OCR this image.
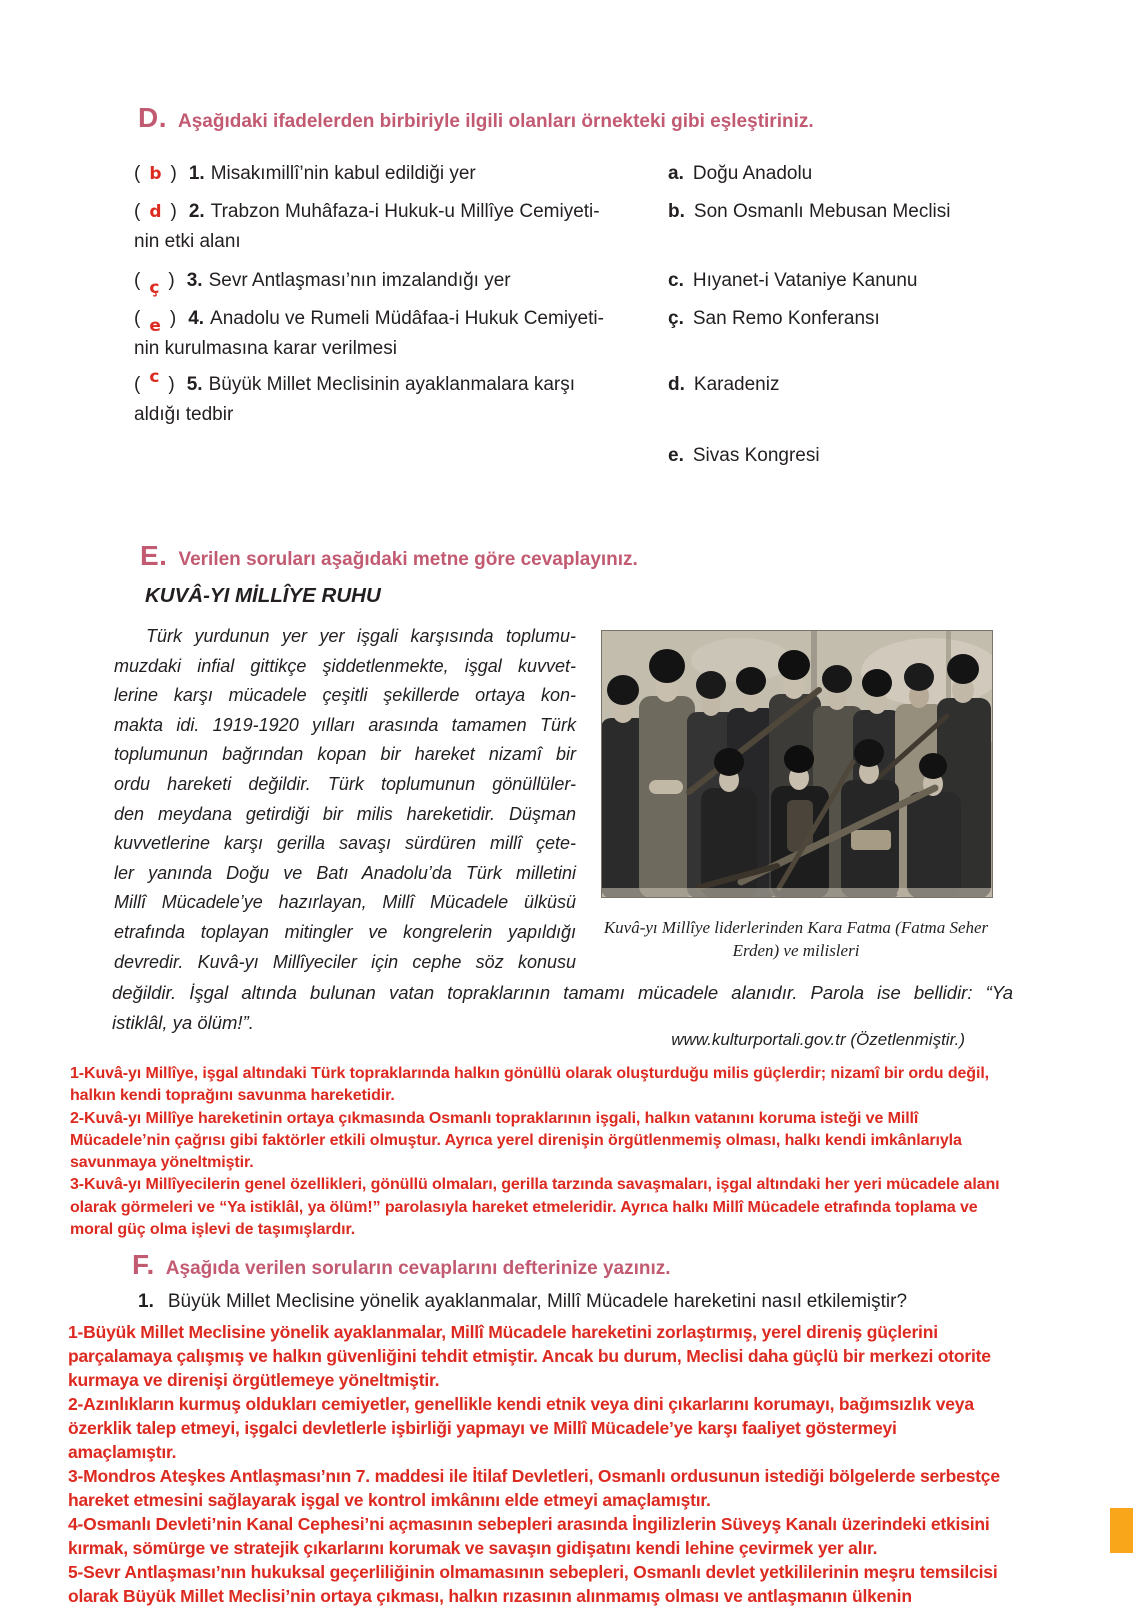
D. Aşağıdaki ifadelerden birbiriyle ilgili olanları örnekteki gibi eşleştiriniz.
( b ) 1. Misakımillî’nin kabul edildiği yer
( d ) 2. Trabzon Muhâfaza-i Hukuk-u Millîye Cemiyeti-
nin etki alanı
( ç ) 3. Sevr Antlaşması’nın imzalandığı yer
( e ) 4. Anadolu ve Rumeli Müdâfaa-i Hukuk Cemiyeti-
nin kurulmasına karar verilmesi
( c ) 5. Büyük Millet Meclisinin ayaklanmalara karşı
aldığı tedbir
a. Doğu Anadolu
b. Son Osmanlı Mebusan Meclisi
c. Hıyanet-i Vataniye Kanunu
ç. San Remo Konferansı
d. Karadeniz
e. Sivas Kongresi
E. Verilen soruları aşağıdaki metne göre cevaplayınız.
KUVÂ-YI MİLLÎYE RUHU
Türk yurdunun yer yer işgali karşısında toplumu-
muzdaki infial gittikçe şiddetlenmekte, işgal kuvvet-
lerine karşı mücadele çeşitli şekillerde ortaya kon-
makta idi. 1919-1920 yılları arasında tamamen Türk
toplumunun bağrından kopan bir hareket nizamî bir
ordu hareketi değildir. Türk toplumunun gönüllüler-
den meydana getirdiği bir milis hareketidir. Düşman
kuvvetlerine karşı gerilla savaşı sürdüren millî çete-
ler yanında Doğu ve Batı Anadolu’da Türk milletini
Millî Mücadele’ye hazırlayan, Millî Mücadele ülküsü
etrafında toplayan mitingler ve kongrelerin yapıldığı
devredir. Kuvâ-yı Millîyeciler için cephe söz konusu
Kuvâ-yı Millîye liderlerinden Kara Fatma (Fatma Seher
Erden) ve milisleri
değildir. İşgal altında bulunan vatan topraklarının tamamı mücadele alanıdır. Parola ise bellidir: “Ya
istiklâl, ya ölüm!”.
www.kulturportali.gov.tr (Özetlenmiştir.)
1-Kuvâ-yı Millîye, işgal altındaki Türk topraklarında halkın gönüllü olarak oluşturduğu milis güçlerdir; nizamî bir ordu değil,
halkın kendi toprağını savunma hareketidir.
2-Kuvâ-yı Millîye hareketinin ortaya çıkmasında Osmanlı topraklarının işgali, halkın vatanını koruma isteği ve Millî
Mücadele’nin çağrısı gibi faktörler etkili olmuştur. Ayrıca yerel direnişin örgütlenmemiş olması, halkı kendi imkânlarıyla
savunmaya yöneltmiştir.
3-Kuvâ-yı Millîyecilerin genel özellikleri, gönüllü olmaları, gerilla tarzında savaşmaları, işgal altındaki her yeri mücadele alanı
olarak görmeleri ve “Ya istiklâl, ya ölüm!” parolasıyla hareket etmeleridir. Ayrıca halkı Millî Mücadele etrafında toplama ve
moral güç olma işlevi de taşımışlardır.
F. Aşağıda verilen soruların cevaplarını defterinize yazınız.
1. Büyük Millet Meclisine yönelik ayaklanmalar, Millî Mücadele hareketini nasıl etkilemiştir?
1-Büyük Millet Meclisine yönelik ayaklanmalar, Millî Mücadele hareketini zorlaştırmış, yerel direniş güçlerini
parçalamaya çalışmış ve halkın güvenliğini tehdit etmiştir. Ancak bu durum, Meclisi daha güçlü bir merkezi otorite
kurmaya ve direnişi örgütlemeye yöneltmiştir.
2-Azınlıkların kurmuş oldukları cemiyetler, genellikle kendi etnik veya dini çıkarlarını korumayı, bağımsızlık veya
özerklik talep etmeyi, işgalci devletlerle işbirliği yapmayı ve Millî Mücadele’ye karşı faaliyet göstermeyi
amaçlamıştır.
3-Mondros Ateşkes Antlaşması’nın 7. maddesi ile İtilaf Devletleri, Osmanlı ordusunun istediği bölgelerde serbestçe
hareket etmesini sağlayarak işgal ve kontrol imkânını elde etmeyi amaçlamıştır.
4-Osmanlı Devleti’nin Kanal Cephesi’ni açmasının sebepleri arasında İngilizlerin Süveyş Kanalı üzerindeki etkisini
kırmak, sömürge ve stratejik çıkarlarını korumak ve savaşın gidişatını kendi lehine çevirmek yer alır.
5-Sevr Antlaşması’nın hukuksal geçerliliğinin olmamasının sebepleri, Osmanlı devlet yetkililerinin meşru temsilcisi
olarak Büyük Millet Meclisi’nin ortaya çıkması, halkın rızasının alınmamış olması ve antlaşmanın ülkenin
